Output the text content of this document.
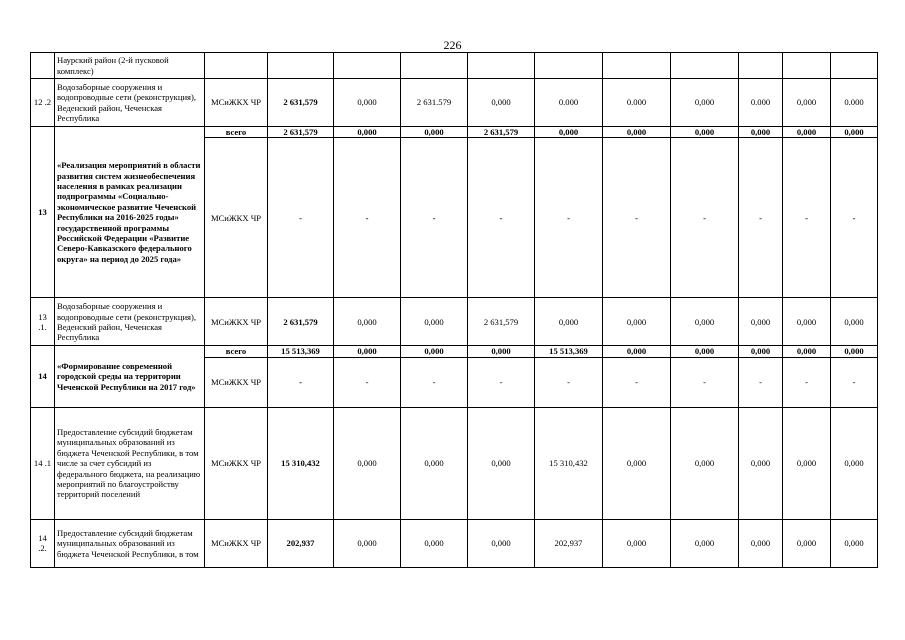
226
	Наурский район (2-й пусковой комплекс)											
12 .2	Водозаборные сооружения и водопроводные сети (реконструкция), Веденский район, Чеченская Республика	МСиЖКХ ЧР	2 631,579	0,000	2 631.579	0,000	0.000	0.000	0,000	0.000	0,000	0.000
13	«Реализация мероприятий в области развития систем жизнеобеспечения населения в рамках реализации подпрограммы «Социально-экономическое развитие Чеченской Республики на 2016-2025 годы» государственной программы Российской Федерации «Развитие Северо-Кавказского федерального округа» на период до 2025 года»	всего	2 631,579	0,000	0,000	2 631,579	0,000	0,000	0,000	0,000	0,000	0,000
		МСиЖКХ ЧР	-	-	-	-	-	-	-	-	-	-
13 .1.	Водозаборные сооружения и водопроводные сети (реконструкция), Веденский район, Чеченская Республика	МСиЖКХ ЧР	2 631,579	0,000	0,000	2 631,579	0,000	0,000	0,000	0,000	0,000	0,000
14	«Формирование современной городской среды на территории Чеченской Республики на 2017 год»	всего	15 513,369	0,000	0,000	0,000	15 513,369	0,000	0,000	0,000	0,000	0,000
		МСиЖКХ ЧР	-	-	-	-	-	-	-	-	-	-
14 .1	Предоставление субсидий бюджетам муниципальных образований из бюджета Чеченской Республики, в том числе за счет субсидий из федерального бюджета, на реализацию мероприятий по благоустройству территорий поселений	МСиЖКХ ЧР	15 310,432	0,000	0,000	0,000	15 310,432	0,000	0,000	0,000	0,000	0,000
14 .2.	Предоставление субсидий бюджетам муниципальных образований из бюджета Чеченской Республики, в том	МСиЖКХ ЧР	202,937	0,000	0,000	0,000	202,937	0,000	0,000	0,000	0,000	0,000
